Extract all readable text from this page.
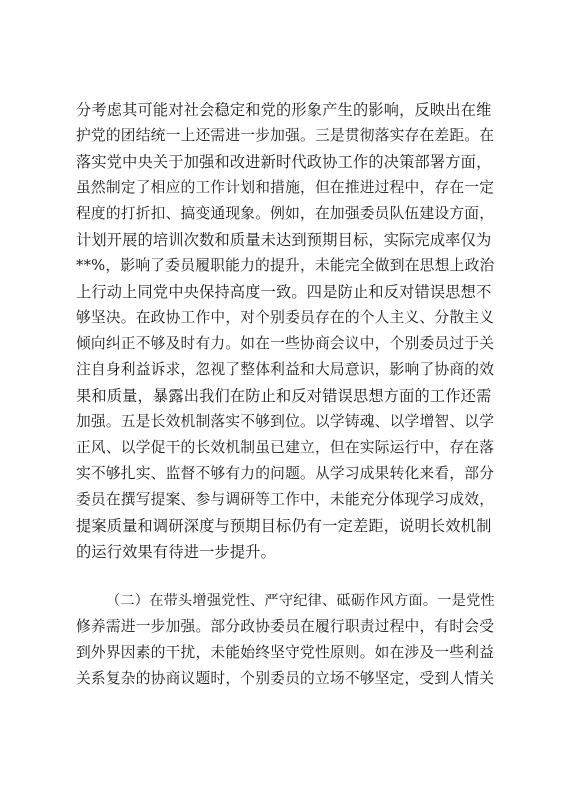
分考虑其可能对社会稳定和党的形象产生的影响，反映出在维
护党的团结统一上还需进一步加强。三是贯彻落实存在差距。在
落实党中央关于加强和改进新时代政协工作的决策部署方面，
虽然制定了相应的工作计划和措施，但在推进过程中，存在一定
程度的打折扣、搞变通现象。例如，在加强委员队伍建设方面，
计划开展的培训次数和质量未达到预期目标，实际完成率仅为
**%，影响了委员履职能力的提升，未能完全做到在思想上政治
上行动上同党中央保持高度一致。四是防止和反对错误思想不
够坚决。在政协工作中，对个别委员存在的个人主义、分散主义
倾向纠正不够及时有力。如在一些协商会议中，个别委员过于关
注自身利益诉求，忽视了整体利益和大局意识，影响了协商的效
果和质量，暴露出我们在防止和反对错误思想方面的工作还需
加强。五是长效机制落实不够到位。以学铸魂、以学增智、以学
正风、以学促干的长效机制虽已建立，但在实际运行中，存在落
实不够扎实、监督不够有力的问题。从学习成果转化来看，部分
委员在撰写提案、参与调研等工作中，未能充分体现学习成效，
提案质量和调研深度与预期目标仍有一定差距，说明长效机制
的运行效果有待进一步提升。
（二）在带头增强党性、严守纪律、砥砺作风方面。一是党性
修养需进一步加强。部分政协委员在履行职责过程中，有时会受
到外界因素的干扰，未能始终坚守党性原则。如在涉及一些利益
关系复杂的协商议题时，个别委员的立场不够坚定，受到人情关
